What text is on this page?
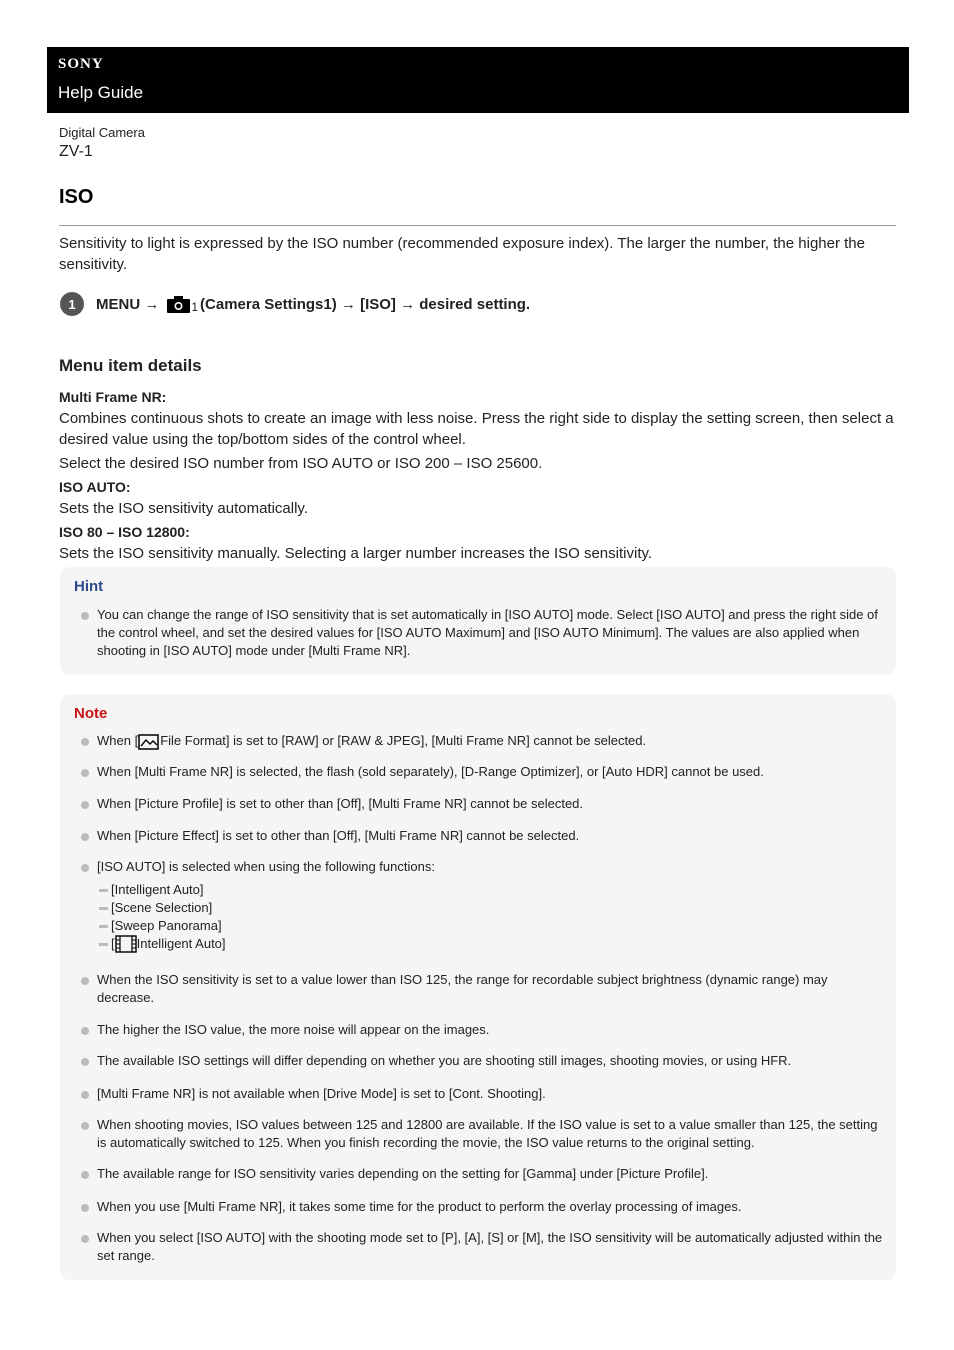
SONY
Help Guide
Digital Camera
ZV-1
ISO
Sensitivity to light is expressed by the ISO number (recommended exposure index). The larger the number, the higher the sensitivity.
1	MENU →	1 (Camera Settings1) → [ISO] → desired setting.
Menu item details
Multi Frame NR:
Combines continuous shots to create an image with less noise. Press the right side to display the setting screen, then select a desired value using the top/bottom sides of the control wheel.
Select the desired ISO number from ISO AUTO or ISO 200 – ISO 25600.
ISO AUTO:
Sets the ISO sensitivity automatically.
ISO 80 – ISO 12800:
Sets the ISO sensitivity manually. Selecting a larger number increases the ISO sensitivity.
Hint
You can change the range of ISO sensitivity that is set automatically in [ISO AUTO] mode. Select [ISO AUTO] and press the right side of the control wheel, and set the desired values for [ISO AUTO Maximum] and [ISO AUTO Minimum]. The values are also applied when shooting in [ISO AUTO] mode under [Multi Frame NR].
Note
When [ File Format] is set to [RAW] or [RAW & JPEG], [Multi Frame NR] cannot be selected.
When [Multi Frame NR] is selected, the flash (sold separately), [D-Range Optimizer], or [Auto HDR] cannot be used.
When [Picture Profile] is set to other than [Off], [Multi Frame NR] cannot be selected.
When [Picture Effect] is set to other than [Off], [Multi Frame NR] cannot be selected.
[ISO AUTO] is selected when using the following functions:
[Intelligent Auto]
[Scene Selection]
[Sweep Panorama]
[ Intelligent Auto]
When the ISO sensitivity is set to a value lower than ISO 125, the range for recordable subject brightness (dynamic range) may decrease.
The higher the ISO value, the more noise will appear on the images.
The available ISO settings will differ depending on whether you are shooting still images, shooting movies, or using HFR.
[Multi Frame NR] is not available when [Drive Mode] is set to [Cont. Shooting].
When shooting movies, ISO values between 125 and 12800 are available. If the ISO value is set to a value smaller than 125, the setting is automatically switched to 125. When you finish recording the movie, the ISO value returns to the original setting.
The available range for ISO sensitivity varies depending on the setting for [Gamma] under [Picture Profile].
When you use [Multi Frame NR], it takes some time for the product to perform the overlay processing of images.
When you select [ISO AUTO] with the shooting mode set to [P], [A], [S] or [M], the ISO sensitivity will be automatically adjusted within the set range.
